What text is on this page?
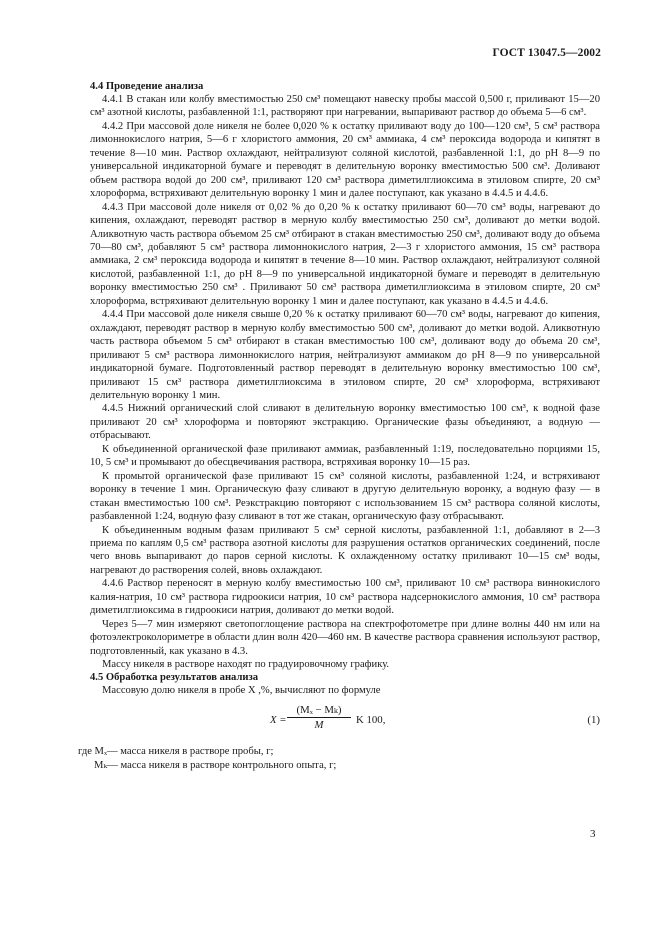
ГОСТ 13047.5—2002

4.4 Проведение анализа

4.4.1 В стакан или колбу вместимостью 250 см³ помещают навеску пробы массой 0,500 г, приливают 15—20 см³ азотной кислоты, разбавленной 1:1, растворяют при нагревании, выпаривают раствор до объема 5—6 см³.

4.4.2 При массовой доле никеля не более 0,020 % к остатку приливают воду до 100—120 см³, 5 см³ раствора лимоннокислого натрия, 5—6 г хлористого аммония, 20 см³ аммиака, 4 см³ пероксида водорода и кипятят в течение 8—10 мин. Раствор охлаждают, нейтрализуют соляной кислотой, разбавленной 1:1, до pH 8—9 по универсальной индикаторной бумаге и переводят в делительную воронку вместимостью 500 см³. Доливают объем раствора водой до 200 см³, приливают 120 см³ раствора диметилглиоксима в этиловом спирте, 20 см³ хлороформа, встряхивают делительную воронку 1 мин и далее поступают, как указано в 4.4.5 и 4.4.6.

4.4.3 При массовой доле никеля от 0,02 % до 0,20 % к остатку приливают 60—70 см³ воды, нагревают до кипения, охлаждают, переводят раствор в мерную колбу вместимостью 250 см³, доливают до метки водой. Аликвотную часть раствора объемом 25 см³ отбирают в стакан вместимостью 250 см³, доливают воду до объема 70—80 см³, добавляют 5 см³ раствора лимоннокислого натрия, 2—3 г хлористого аммония, 15 см³ раствора аммиака, 2 см³ пероксида водорода и кипятят в течение 8—10 мин. Раствор охлаждают, нейтрализуют соляной кислотой, разбавленной 1:1, до pH 8—9 по универсальной индикаторной бумаге и переводят в делительную воронку вместимостью 250 см³ . Приливают 50 см³ раствора диметилглиоксима в этиловом спирте, 20 см³ хлороформа, встряхивают делительную воронку 1 мин и далее поступают, как указано в 4.4.5 и 4.4.6.

4.4.4 При массовой доле никеля свыше 0,20 % к остатку приливают 60—70 см³ воды, нагревают до кипения, охлаждают, переводят раствор в мерную колбу вместимостью 500 см³, доливают до метки водой. Аликвотную часть раствора объемом 5 см³ отбирают в стакан вместимостью 100 см³, доливают воду до объема 20 см³, приливают 5 см³ раствора лимоннокислого натрия, нейтрализуют аммиаком до pH 8—9 по универсальной индикаторной бумаге. Подготовленный раствор переводят в делительную воронку вместимостью 100 см³, приливают 15 см³ раствора диметилглиоксима в этиловом спирте, 20 см³ хлороформа, встряхивают делительную воронку 1 мин.

4.4.5 Нижний органический слой сливают в делительную воронку вместимостью 100 см³, к водной фазе приливают 20 см³ хлороформа и повторяют экстракцию. Органические фазы объединяют, а водную — отбрасывают.

К объединенной органической фазе приливают аммиак, разбавленный 1:19, последовательно порциями 15, 10, 5 см³ и промывают до обесцвечивания раствора, встряхивая воронку 10—15 раз.

К промытой органической фазе приливают 15 см³ соляной кислоты, разбавленной 1:24, и встряхивают воронку в течение 1 мин. Органическую фазу сливают в другую делительную воронку, а водную фазу — в стакан вместимостью 100 см³. Реэкстракцию повторяют с использованием 15 см³ раствора соляной кислоты, разбавленной 1:24, водную фазу сливают в тот же стакан, органическую фазу отбрасывают.

К объединенным водным фазам приливают 5 см³ серной кислоты, разбавленной 1:1, добавляют в 2—3 приема по каплям 0,5 см³ раствора азотной кислоты для разрушения остатков органических соединений, после чего вновь выпаривают до паров серной кислоты. К охлажденному остатку приливают 10—15 см³ воды, нагревают до растворения солей, вновь охлаждают.

4.4.6 Раствор переносят в мерную колбу вместимостью 100 см³, приливают 10 см³ раствора виннокислого калия-натрия, 10 см³ раствора гидроокиси натрия, 10 см³ раствора надсернокислого аммония, 10 см³ раствора диметилглиоксима в гидроокиси натрия, доливают до метки водой.

Через 5—7 мин измеряют светопоглощение раствора на спектрофотометре при длине волны 440 нм или на фотоэлектроколориметре в области длин волн 420—460 нм. В качестве раствора сравнения используют раствор, подготовленный, как указано в 4.3.

Массу никеля в растворе находят по градуировочному графику.

4.5 Обработка результатов анализа

Массовую долю никеля в пробе X ,%, вычисляют по формуле

$X = \frac{\text{(Mₓ − Mₖ)}}{M}$ K 100,	(1)

где Mₓ— масса никеля в растворе пробы, г;

Mₖ— масса никеля в растворе контрольного опыта, г;

3
